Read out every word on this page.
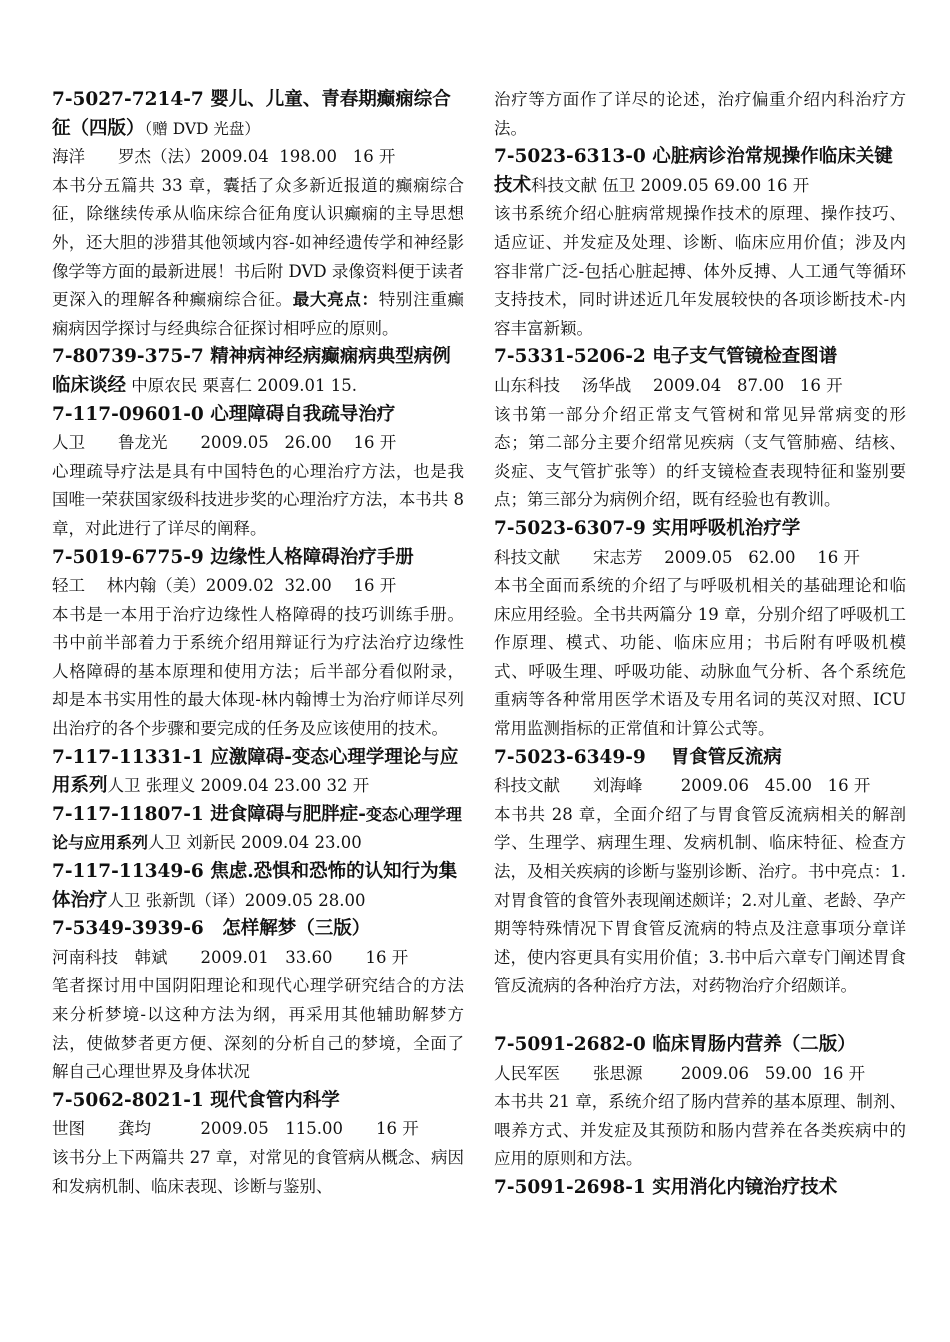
7-5027-7214-7 婴儿、儿童、青春期癫痫综合征（四版）（赠 DVD 光盘）
海洋　　罗杰（法）2009.04  198.00   16 开
本书分五篇共 33 章，囊括了众多新近报道的癫痫综合征，除继续传承从临床综合征角度认识癫痫的主导思想外，还大胆的涉猎其他领域内容-如神经遗传学和神经影像学等方面的最新进展！书后附 DVD 录像资料便于读者更深入的理解各种癫痫综合征。最大亮点：特别注重癫痫病因学探讨与经典综合征探讨相呼应的原则。
7-80739-375-7 精神病神经病癫痫病典型病例临床谈经 中原农民 栗喜仁 2009.01 15.
7-117-09601-0 心理障碍自我疏导治疗
人卫　　鲁龙光　　2009.05   26.00　 16 开
心理疏导疗法是具有中国特色的心理治疗方法，也是我国唯一荣获国家级科技进步奖的心理治疗方法，本书共 8 章，对此进行了详尽的阐释。
7-5019-6775-9 边缘性人格障碍治疗手册
轻工　 林内翰（美）2009.02  32.00　 16 开
本书是一本用于治疗边缘性人格障碍的技巧训练手册。书中前半部着力于系统介绍用辩证行为疗法治疗边缘性人格障碍的基本原理和使用方法；后半部分看似附录，却是本书实用性的最大体现-林内翰博士为治疗师详尽列出治疗的各个步骤和要完成的任务及应该使用的技术。
7-117-11331-1 应激障碍-变态心理学理论与应用系列人卫 张理义 2009.04 23.00 32 开
7-117-11807-1 进食障碍与肥胖症-变态心理学理论与应用系列人卫 刘新民 2009.04 23.00
7-117-11349-6 焦虑.恐惧和恐怖的认知行为集体治疗人卫 张新凯（译）2009.05 28.00
7-5349-3939-6　怎样解梦（三版）
河南科技　韩斌　　2009.01　33.60　　16 开
笔者探讨用中国阴阳理论和现代心理学研究结合的方法来分析梦境-以这种方法为纲，再采用其他辅助解梦方法，使做梦者更方便、深刻的分析自己的梦境，全面了解自己心理世界及身体状况
7-5062-8021-1 现代食管内科学
世图　　龚均　　　2009.05　115.00　　16 开
该书分上下两篇共 27 章，对常见的食管病从概念、病因和发病机制、临床表现、诊断与鉴别、
治疗等方面作了详尽的论述，治疗偏重介绍内科治疗方法。
7-5023-6313-0 心脏病诊治常规操作临床关键技术科技文献 伍卫 2009.05 69.00 16 开
该书系统介绍心脏病常规操作技术的原理、操作技巧、适应证、并发症及处理、诊断、临床应用价值；涉及内容非常广泛-包括心脏起搏、体外反搏、人工通气等循环支持技术，同时讲述近几年发展较快的各项诊断技术-内容丰富新颖。
7-5331-5206-2 电子支气管镜检查图谱
山东科技　 汤华战　 2009.04   87.00   16 开
该书第一部分介绍正常支气管树和常见异常病变的形态；第二部分主要介绍常见疾病（支气管肺癌、结核、炎症、支气管扩张等）的纤支镜检查表现特征和鉴别要点；第三部分为病例介绍，既有经验也有教训。
7-5023-6307-9 实用呼吸机治疗学
科技文献　　宋志芳　 2009.05   62.00　 16 开
本书全面而系统的介绍了与呼吸机相关的基础理论和临床应用经验。全书共两篇分 19 章，分别介绍了呼吸机工作原理、模式、功能、临床应用；书后附有呼吸机模式、呼吸生理、呼吸功能、动脉血气分析、各个系统危重病等各种常用医学术语及专用名词的英汉对照、ICU 常用监测指标的正常值和计算公式等。
7-5023-6349-9　 胃食管反流病
科技文献　　刘海峰　　 2009.06   45.00   16 开
本书共 28 章，全面介绍了与胃食管反流病相关的解剖学、生理学、病理生理、发病机制、临床特征、检查方法，及相关疾病的诊断与鉴别诊断、治疗。书中亮点：1.对胃食管的食管外表现阐述颇详；2.对儿童、老龄、孕产期等特殊情况下胃食管反流病的特点及注意事项分章详述，使内容更具有实用价值；3.书中后六章专门阐述胃食管反流病的各种治疗方法，对药物治疗介绍颇详。
7-5091-2682-0 临床胃肠内营养（二版）
人民军医　　张思源　　 2009.06   59.00  16 开
本书共 21 章，系统介绍了肠内营养的基本原理、制剂、喂养方式、并发症及其预防和肠内营养在各类疾病中的应用的原则和方法。
7-5091-2698-1 实用消化内镜治疗技术
